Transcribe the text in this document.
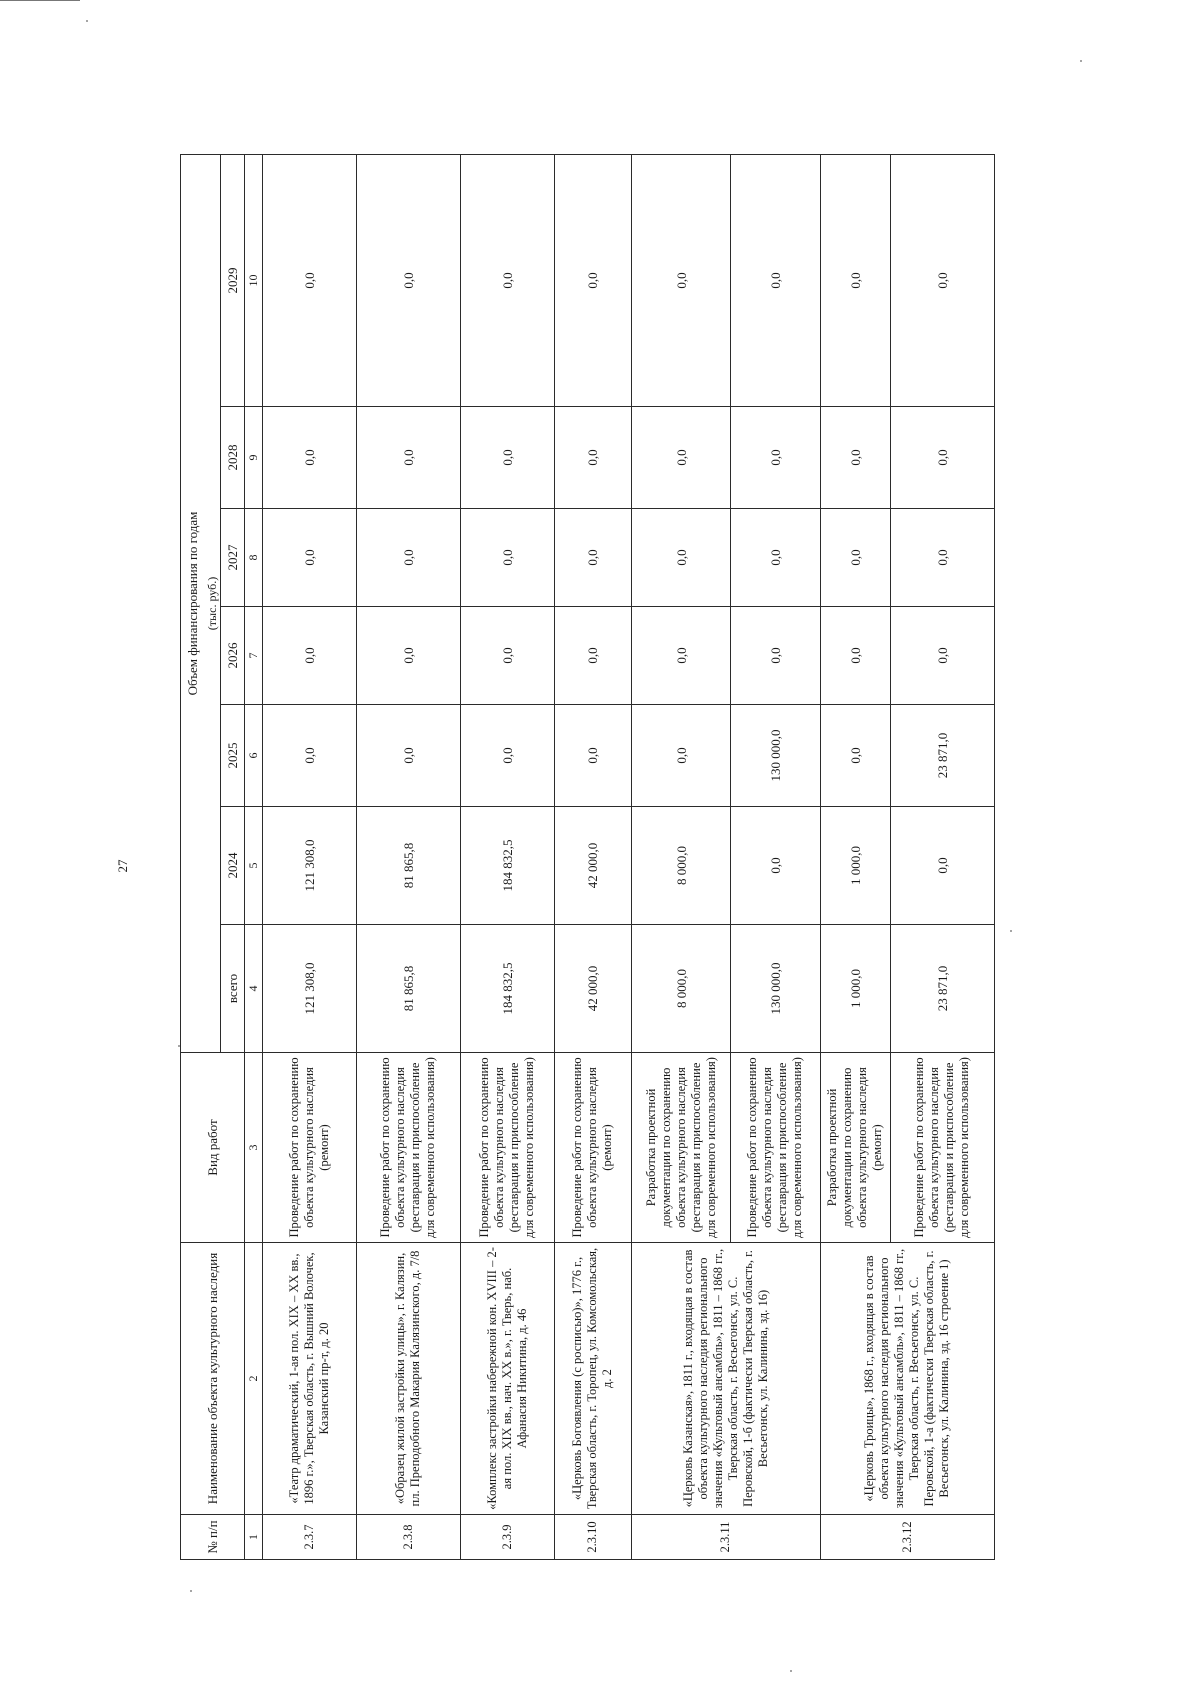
27
№ п/п	Наименование объекта культурного наследия	Вид работ	Объем финансирования по годам						
			(тыс. руб.)						
			всего	2024	2025	2026	2027	2028	2029
1	2	3	4	5	6	7	8	9	10
2.3.7	«Театр драматический, 1-ая пол. XIX – XX вв., 1896 г.», Тверская область, г. Вышний Волочек, Казанский пр-т, д. 20	Проведение работ по сохранению объекта культурного наследия (ремонт)	121 308,0	121 308,0	0,0	0,0	0,0	0,0	0,0
2.3.8	«Образец жилой застройки улицы», г. Калязин, пл. Преподобного Макария Калязинского, д. 7/8	Проведение работ по сохранению объекта культурного наследия (реставрация и приспособление для современного использования)	81 865,8	81 865,8	0,0	0,0	0,0	0,0	0,0
2.3.9	«Комплекс застройки набережной кон. XVIII – 2-ая пол. XIX вв., нач. XX в.», г. Тверь, наб. Афанасия Никитина, д. 46	Проведение работ по сохранению объекта культурного наследия (реставрация и приспособление для современного использования)	184 832,5	184 832,5	0,0	0,0	0,0	0,0	0,0
2.3.10	«Церковь Богоявления (с росписью)», 1776 г., Тверская область, г. Торопец, ул. Комсомольская, д. 2	Проведение работ по сохранению объекта культурного наследия (ремонт)	42 000,0	42 000,0	0,0	0,0	0,0	0,0	0,0
2.3.11	«Церковь Казанская», 1811 г., входящая в состав объекта культурного наследия регионального значения «Культовый ансамбль», 1811 – 1868 гг., Тверская область, г. Весьегонск, ул. С. Перовской, 1-б (фактически Тверская область, г. Весьегонск, ул. Калинина, зд. 16)	Разработка проектной документации по сохранению объекта культурного наследия (реставрация и приспособление для современного использования)	8 000,0	8 000,0	0,0	0,0	0,0	0,0	0,0
		Проведение работ по сохранению объекта культурного наследия (реставрация и приспособление для современного использования)	130 000,0	0,0	130 000,0	0,0	0,0	0,0	0,0
2.3.12	«Церковь Троицы», 1868 г., входящая в состав объекта культурного наследия регионального значения «Культовый ансамбль», 1811 – 1868 гг., Тверская область, г. Весьегонск, ул. С. Перовской, 1-а (фактически Тверская область, г. Весьегонск, ул. Калинина, зд. 16 строение 1)	Разработка проектной документации по сохранению объекта культурного наследия (ремонт)	1 000,0	1 000,0	0,0	0,0	0,0	0,0	0,0
		Проведение работ по сохранению объекта культурного наследия (реставрация и приспособление для современного использования)	23 871,0	0,0	23 871,0	0,0	0,0	0,0	0,0
